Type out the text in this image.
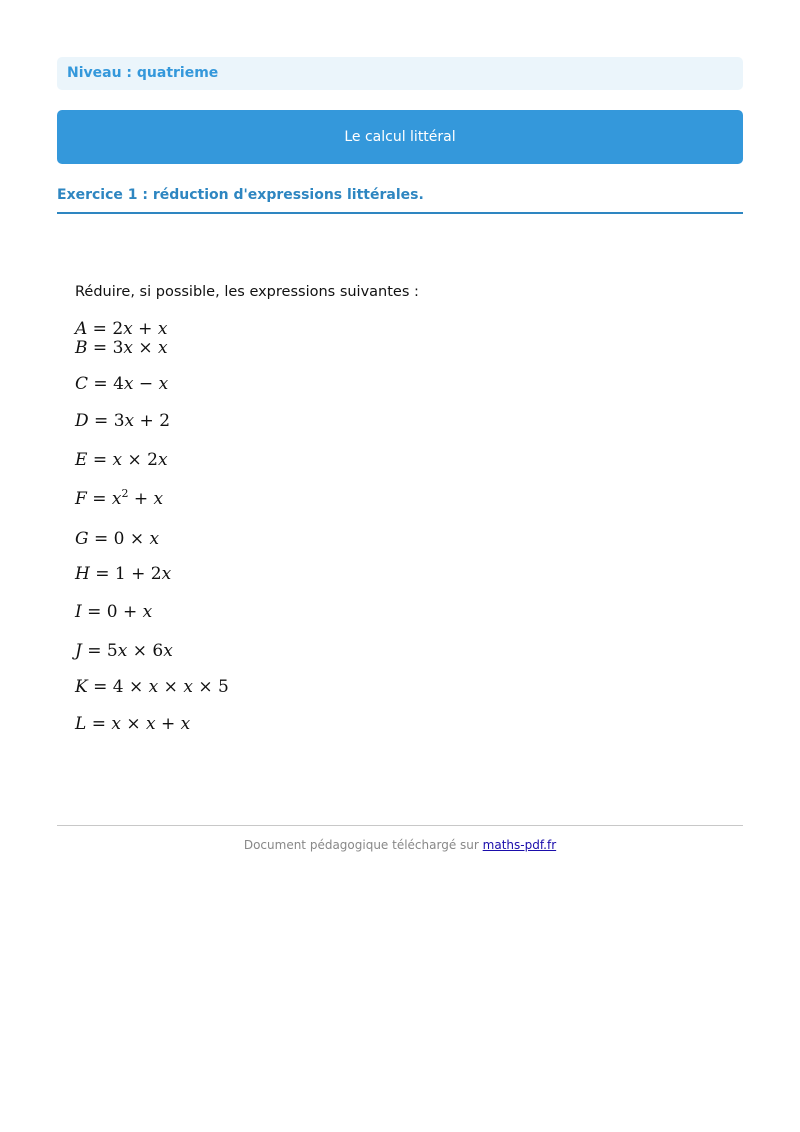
Niveau : quatrieme
Le calcul littéral
Exercice 1 : réduction d'expressions littérales.
Réduire, si possible, les expressions suivantes :
A = 2x + x
B = 3x × x
C = 4x − x
D = 3x + 2
E = x × 2x
$F = x^2 + x$
G = 0 × x
H = 1 + 2x
I = 0 + x
J = 5x × 6x
K = 4 × x × x × 5
L = x × x + x
Document pédagogique téléchargé sur maths-pdf.fr
